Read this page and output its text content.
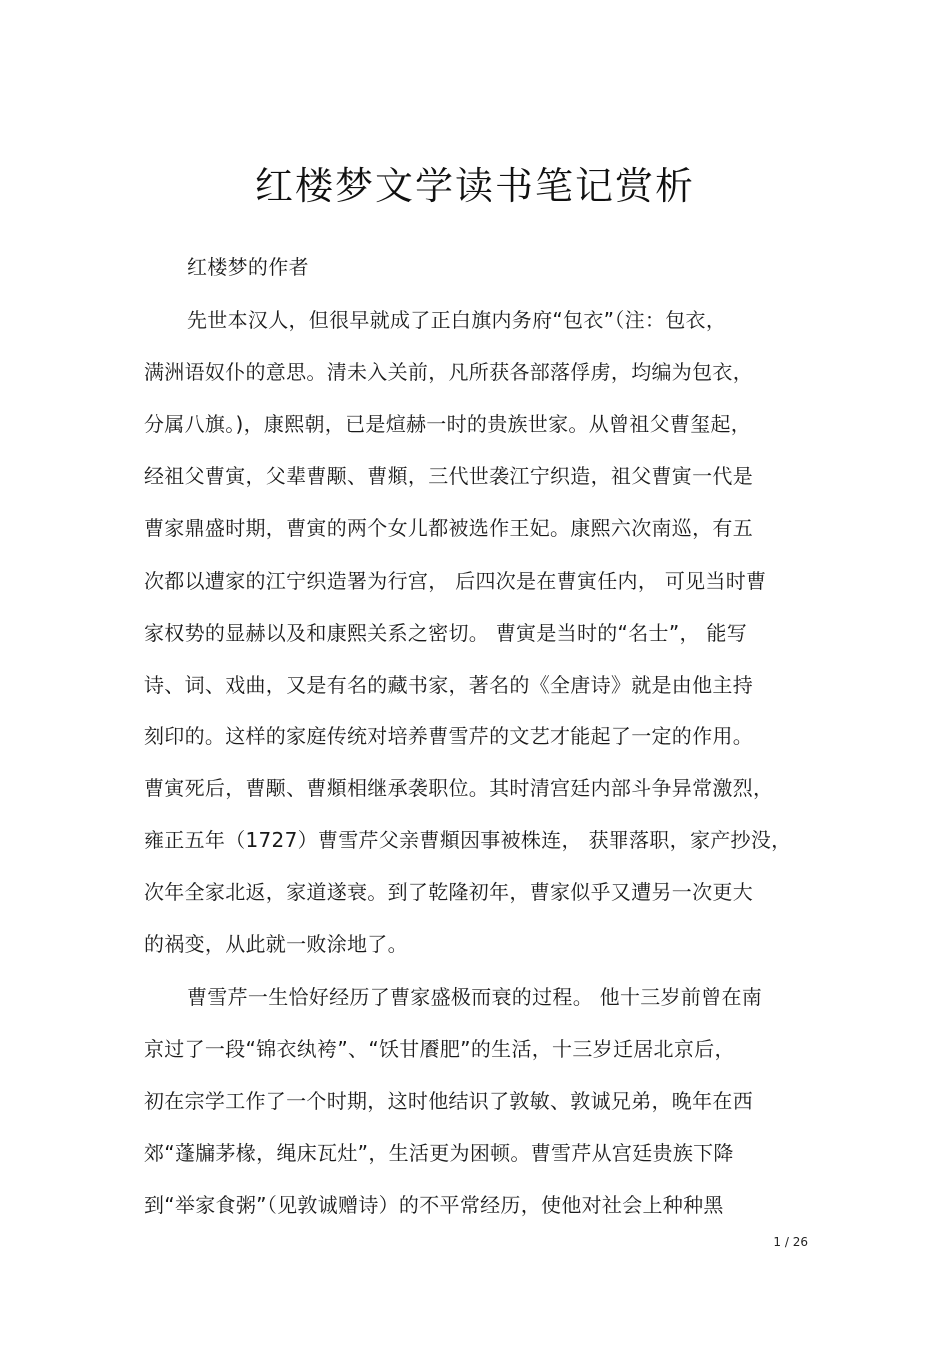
红楼梦文学读书笔记赏析
红楼梦的作者
先世本汉人，但很早就成了正白旗内务府“包衣”（注：包衣，
满洲语奴仆的意思。清未入关前，凡所获各部落俘虏，均编为包衣，
分属八旗。)，康熙朝，已是煊赫一时的贵族世家。从曾祖父曹玺起，
经祖父曹寅，父辈曹颙、曹頫，三代世袭江宁织造，祖父曹寅一代是
曹家鼎盛时期，曹寅的两个女儿都被选作王妃。康熙六次南巡，有五
次都以遭家的江宁织造署为行宫， 后四次是在曹寅任内， 可见当时曹
家权势的显赫以及和康熙关系之密切。 曹寅是当时的“名士”， 能写
诗、词、戏曲，又是有名的藏书家，著名的《全唐诗》就是由他主持
刻印的。这样的家庭传统对培养曹雪芹的文艺才能起了一定的作用。
曹寅死后，曹颙、曹頫相继承袭职位。其时清宫廷内部斗争异常激烈，
雍正五年（1727）曹雪芹父亲曹頫因事被株连， 获罪落职，家产抄没，
次年全家北返，家道遂衰。到了乾隆初年，曹家似乎又遭另一次更大
的祸变，从此就一败涂地了。
曹雪芹一生恰好经历了曹家盛极而衰的过程。 他十三岁前曾在南
京过了一段“锦衣纨袴”、“饫甘餍肥”的生活，十三岁迁居北京后，
初在宗学工作了一个时期，这时他结识了敦敏、敦诚兄弟，晚年在西
郊“蓬牖茅椽，绳床瓦灶”，生活更为困顿。曹雪芹从宫廷贵族下降
到“举家食粥”（见敦诚赠诗）的不平常经历，使他对社会上种种黑
1 / 26
